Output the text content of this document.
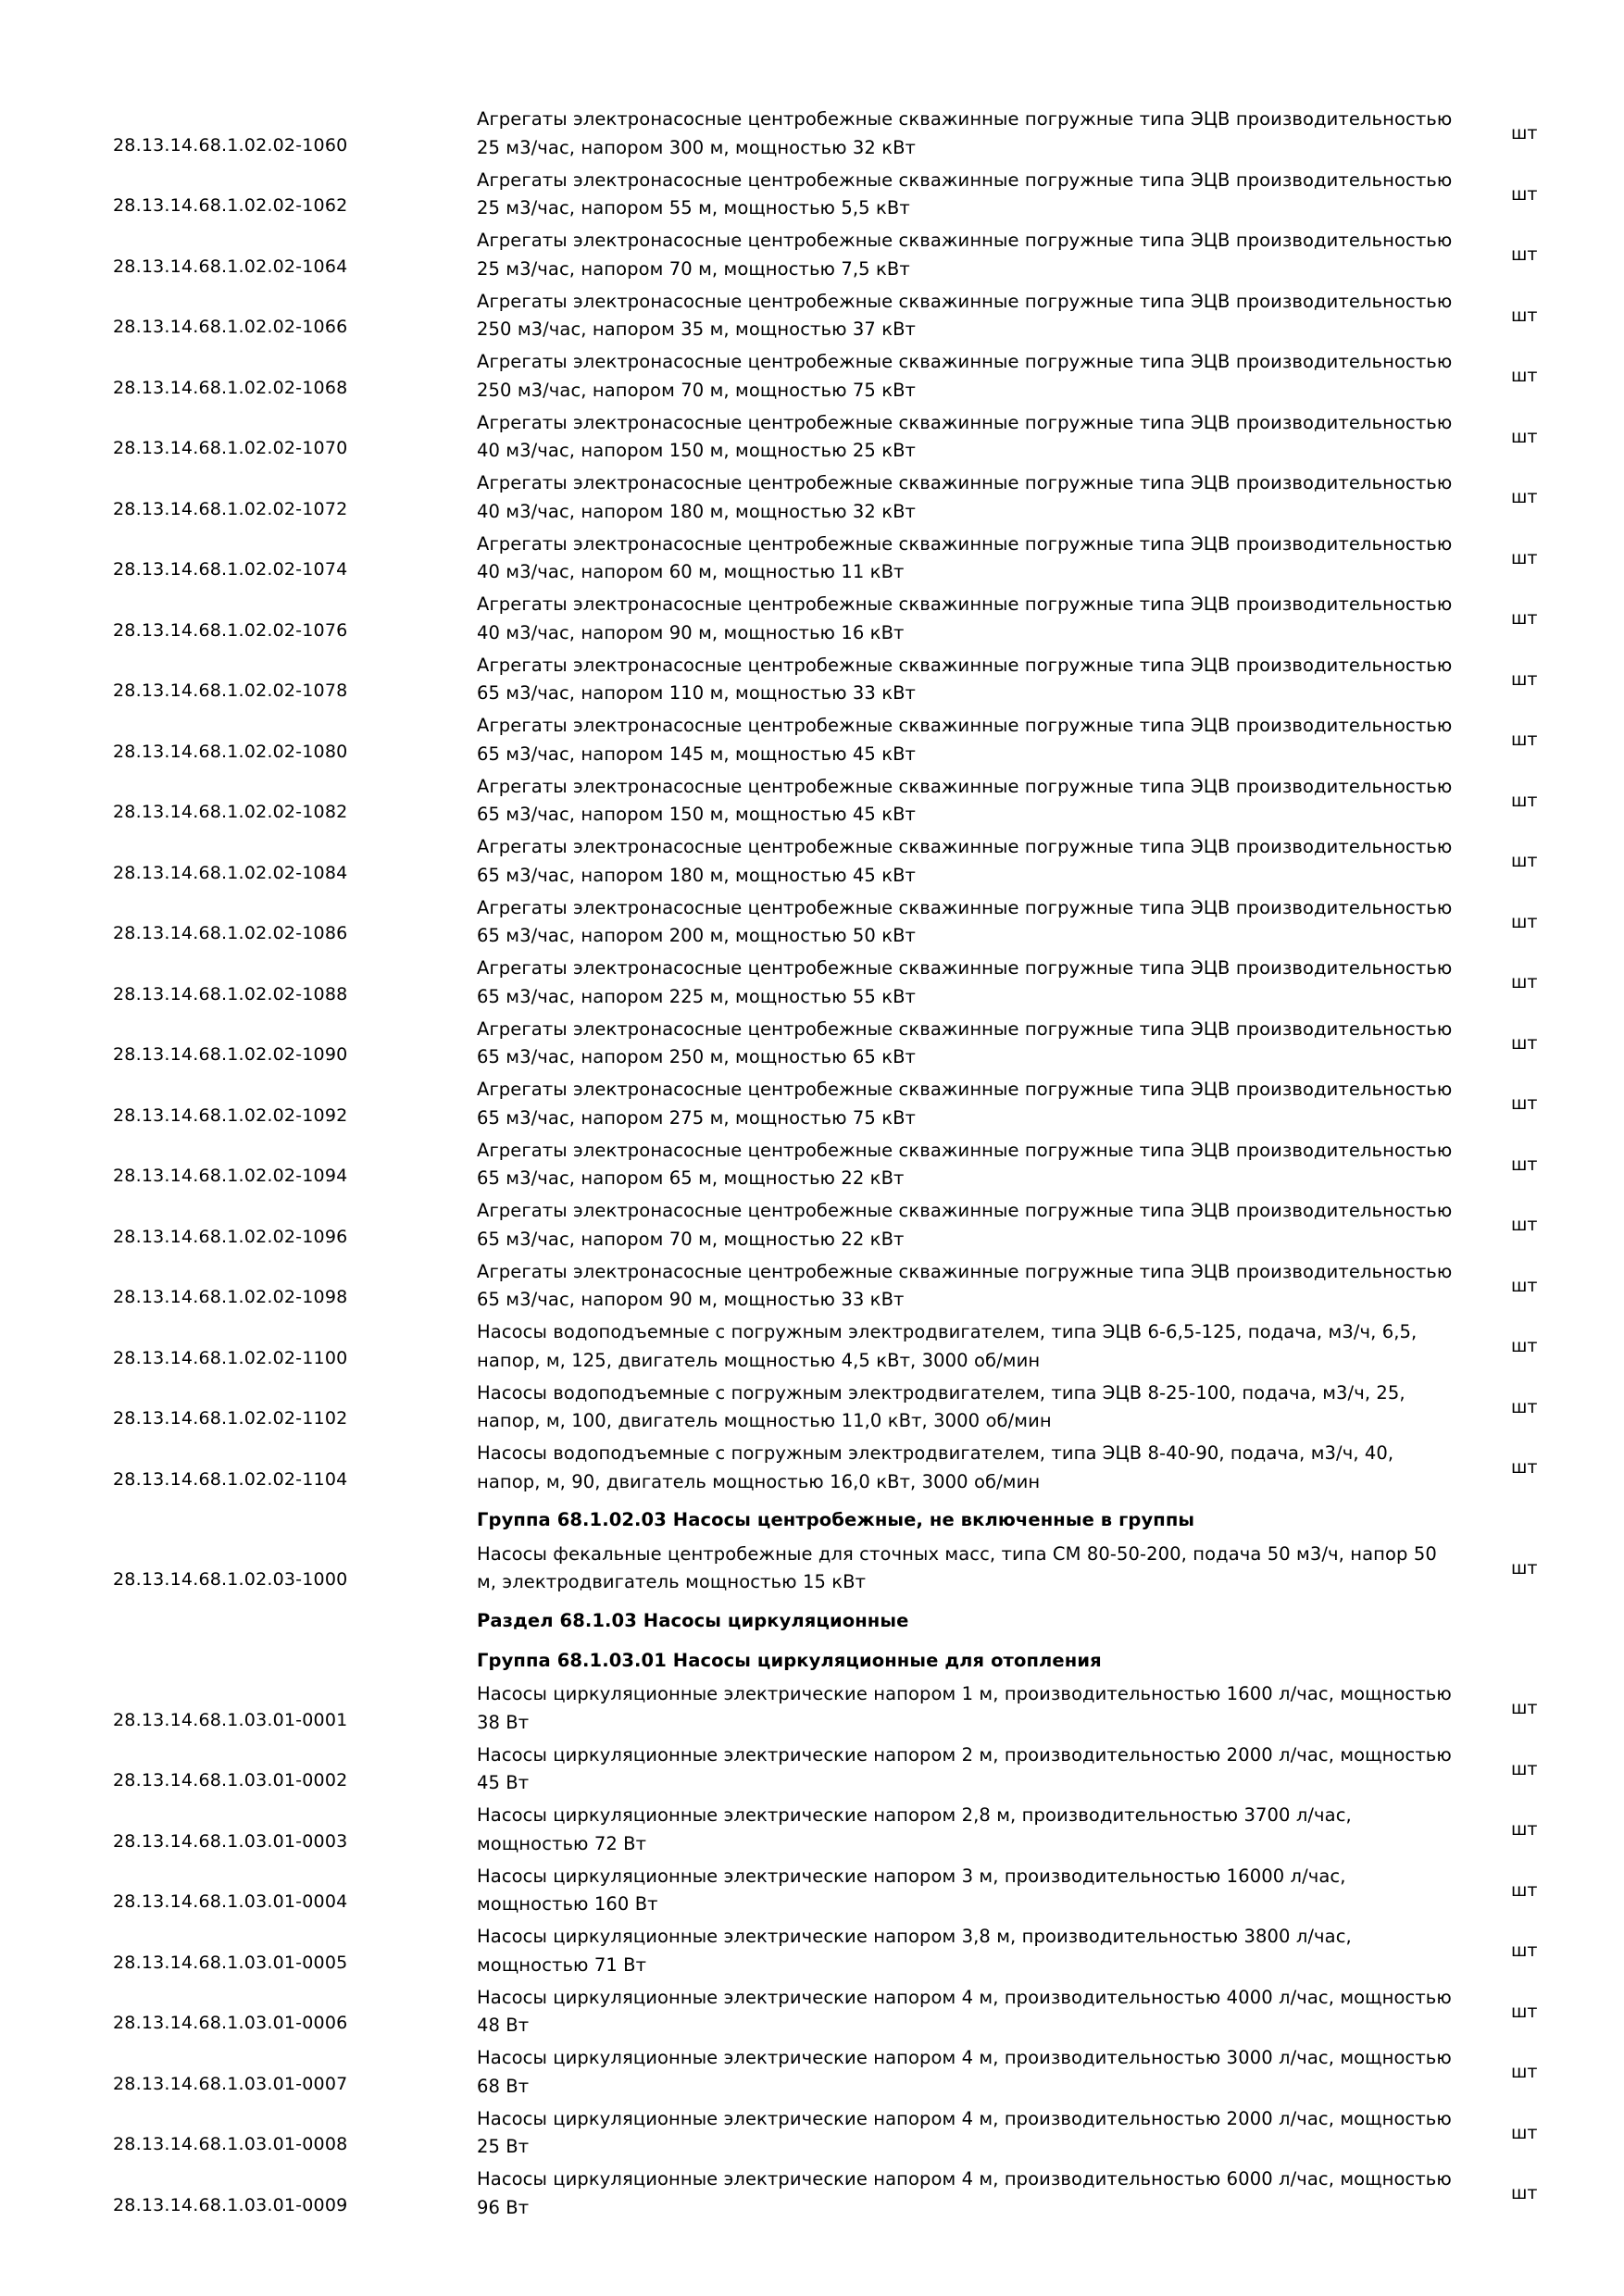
28.13.14.68.1.02.02-1060
Агрегаты электронасосные центробежные скважинные погружные типа ЭЦВ производительностью 25 м3/час, напором 300 м, мощностью 32 кВт
шт
28.13.14.68.1.02.02-1062
Агрегаты электронасосные центробежные скважинные погружные типа ЭЦВ производительностью 25 м3/час, напором 55 м, мощностью 5,5 кВт
шт
28.13.14.68.1.02.02-1064
Агрегаты электронасосные центробежные скважинные погружные типа ЭЦВ производительностью 25 м3/час, напором 70 м, мощностью 7,5 кВт
шт
28.13.14.68.1.02.02-1066
Агрегаты электронасосные центробежные скважинные погружные типа ЭЦВ производительностью 250 м3/час, напором 35 м, мощностью 37 кВт
шт
28.13.14.68.1.02.02-1068
Агрегаты электронасосные центробежные скважинные погружные типа ЭЦВ производительностью 250 м3/час, напором 70 м, мощностью 75 кВт
шт
28.13.14.68.1.02.02-1070
Агрегаты электронасосные центробежные скважинные погружные типа ЭЦВ производительностью 40 м3/час, напором 150 м, мощностью 25 кВт
шт
28.13.14.68.1.02.02-1072
Агрегаты электронасосные центробежные скважинные погружные типа ЭЦВ производительностью 40 м3/час, напором 180 м, мощностью 32 кВт
шт
28.13.14.68.1.02.02-1074
Агрегаты электронасосные центробежные скважинные погружные типа ЭЦВ производительностью 40 м3/час, напором 60 м, мощностью 11 кВт
шт
28.13.14.68.1.02.02-1076
Агрегаты электронасосные центробежные скважинные погружные типа ЭЦВ производительностью 40 м3/час, напором 90 м, мощностью 16 кВт
шт
28.13.14.68.1.02.02-1078
Агрегаты электронасосные центробежные скважинные погружные типа ЭЦВ производительностью 65 м3/час, напором 110 м, мощностью 33 кВт
шт
28.13.14.68.1.02.02-1080
Агрегаты электронасосные центробежные скважинные погружные типа ЭЦВ производительностью 65 м3/час, напором 145 м, мощностью 45 кВт
шт
28.13.14.68.1.02.02-1082
Агрегаты электронасосные центробежные скважинные погружные типа ЭЦВ производительностью 65 м3/час, напором 150 м, мощностью 45 кВт
шт
28.13.14.68.1.02.02-1084
Агрегаты электронасосные центробежные скважинные погружные типа ЭЦВ производительностью 65 м3/час, напором 180 м, мощностью 45 кВт
шт
28.13.14.68.1.02.02-1086
Агрегаты электронасосные центробежные скважинные погружные типа ЭЦВ производительностью 65 м3/час, напором 200 м, мощностью 50 кВт
шт
28.13.14.68.1.02.02-1088
Агрегаты электронасосные центробежные скважинные погружные типа ЭЦВ производительностью 65 м3/час, напором 225 м, мощностью 55 кВт
шт
28.13.14.68.1.02.02-1090
Агрегаты электронасосные центробежные скважинные погружные типа ЭЦВ производительностью 65 м3/час, напором 250 м, мощностью 65 кВт
шт
28.13.14.68.1.02.02-1092
Агрегаты электронасосные центробежные скважинные погружные типа ЭЦВ производительностью 65 м3/час, напором 275 м, мощностью 75 кВт
шт
28.13.14.68.1.02.02-1094
Агрегаты электронасосные центробежные скважинные погружные типа ЭЦВ производительностью 65 м3/час, напором 65 м, мощностью 22 кВт
шт
28.13.14.68.1.02.02-1096
Агрегаты электронасосные центробежные скважинные погружные типа ЭЦВ производительностью 65 м3/час, напором 70 м, мощностью 22 кВт
шт
28.13.14.68.1.02.02-1098
Агрегаты электронасосные центробежные скважинные погружные типа ЭЦВ производительностью 65 м3/час, напором 90 м, мощностью 33 кВт
шт
28.13.14.68.1.02.02-1100
Насосы водоподъемные с погружным электродвигателем, типа ЭЦВ 6-6,5-125, подача, м3/ч, 6,5, напор, м, 125, двигатель мощностью 4,5 кВт, 3000 об/мин
шт
28.13.14.68.1.02.02-1102
Насосы водоподъемные с погружным электродвигателем, типа ЭЦВ 8-25-100, подача, м3/ч, 25, напор, м, 100, двигатель мощностью 11,0 кВт, 3000 об/мин
шт
28.13.14.68.1.02.02-1104
Насосы водоподъемные с погружным электродвигателем, типа ЭЦВ 8-40-90, подача, м3/ч, 40, напор, м, 90, двигатель мощностью 16,0 кВт, 3000 об/мин
шт
Группа 68.1.02.03 Насосы центробежные, не включенные в группы
28.13.14.68.1.02.03-1000
Насосы фекальные центробежные для сточных масс, типа СМ 80-50-200, подача 50 м3/ч, напор 50 м, электродвигатель мощностью 15 кВт
шт
Раздел 68.1.03 Насосы циркуляционные
Группа 68.1.03.01 Насосы циркуляционные для отопления
28.13.14.68.1.03.01-0001
Насосы циркуляционные электрические напором 1 м, производительностью 1600 л/час, мощностью 38 Вт
шт
28.13.14.68.1.03.01-0002
Насосы циркуляционные электрические напором 2 м, производительностью 2000 л/час, мощностью 45 Вт
шт
28.13.14.68.1.03.01-0003
Насосы циркуляционные электрические напором 2,8 м, производительностью 3700 л/час, мощностью 72 Вт
шт
28.13.14.68.1.03.01-0004
Насосы циркуляционные электрические напором 3 м, производительностью 16000 л/час, мощностью 160 Вт
шт
28.13.14.68.1.03.01-0005
Насосы циркуляционные электрические напором 3,8 м, производительностью 3800 л/час, мощностью 71 Вт
шт
28.13.14.68.1.03.01-0006
Насосы циркуляционные электрические напором 4 м, производительностью 4000 л/час, мощностью 48 Вт
шт
28.13.14.68.1.03.01-0007
Насосы циркуляционные электрические напором 4 м, производительностью 3000 л/час, мощностью 68 Вт
шт
28.13.14.68.1.03.01-0008
Насосы циркуляционные электрические напором 4 м, производительностью 2000 л/час, мощностью 25 Вт
шт
28.13.14.68.1.03.01-0009
Насосы циркуляционные электрические напором 4 м, производительностью 6000 л/час, мощностью 96 Вт
шт
